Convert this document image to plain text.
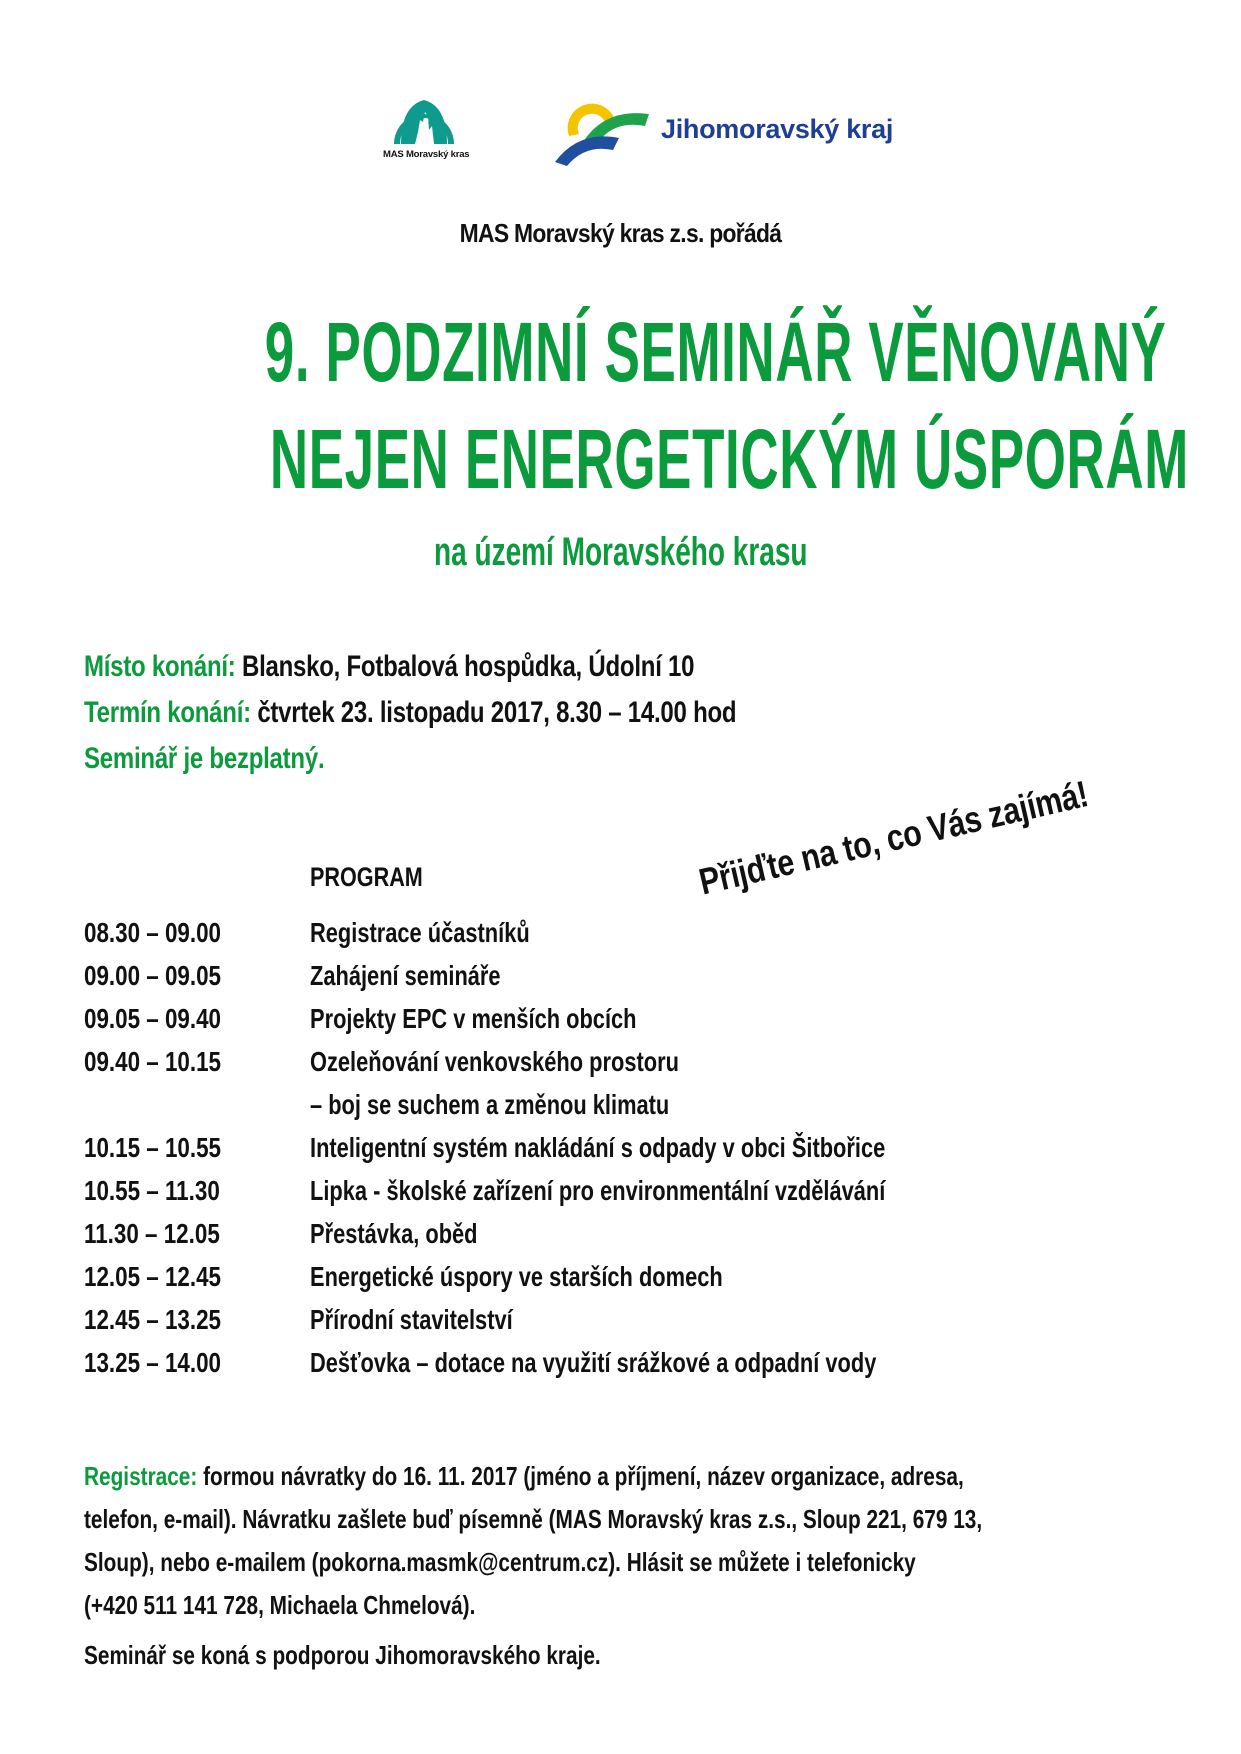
MAS Moravský kras
Jihomoravský kraj
MAS Moravský kras z.s. pořádá
9. PODZIMNÍ SEMINÁŘ VĚNOVANÝ
NEJEN ENERGETICKÝM ÚSPORÁM
na území Moravského krasu
Místo konání: Blansko, Fotbalová hospůdka, Údolní 10
Termín konání: čtvrtek 23. listopadu 2017, 8.30 – 14.00 hod
Seminář je bezplatný.
PROGRAM	Přijďte na to, co Vás zajímá!
08.30 – 09.00	Registrace účastníků
09.00 – 09.05	Zahájení semináře
09.05 – 09.40	Projekty EPC v menších obcích
09.40 – 10.15	Ozeleňování venkovského prostoru
– boj se suchem a změnou klimatu
10.15 – 10.55	Inteligentní systém nakládání s odpady v obci Šitbořice
10.55 – 11.30	Lipka - školské zařízení pro environmentální vzdělávání
11.30 – 12.05	Přestávka, oběd
12.05 – 12.45	Energetické úspory ve starších domech
12.45 – 13.25	Přírodní stavitelství
13.25 – 14.00	Dešťovka – dotace na využití srážkové a odpadní vody

Registrace: formou návratky do 16. 11. 2017 (jméno a příjmení, název organizace, adresa,

telefon, e-mail). Návratku zašlete buď písemně (MAS Moravský kras z.s., Sloup 221, 679 13,

Sloup), nebo e-mailem (pokorna.masmk@centrum.cz). Hlásit se můžete i telefonicky

(+420 511 141 728, Michaela Chmelová).

Seminář se koná s podporou Jihomoravského kraje.
